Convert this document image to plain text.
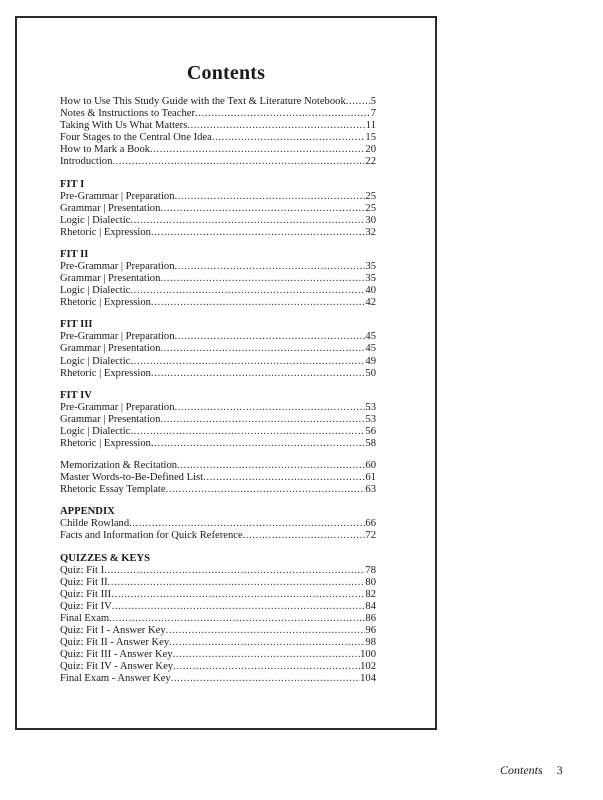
Contents
How to Use This Study Guide with the Text & Literature Notebook ..... 5
Notes & Instructions to Teacher .....	7
Taking With Us What Matters .....	11
Four Stages to the Central One Idea .....	15
How to Mark a Book .....	20
Introduction .....	22
FIT I
Pre-Grammar | Preparation .....	25
Grammar | Presentation .....	25
Logic | Dialectic .....	30
Rhetoric | Expression .....	32
FIT II
Pre-Grammar | Preparation .....	35
Grammar | Presentation .....	35
Logic | Dialectic .....	40
Rhetoric | Expression .....	42
FIT III
Pre-Grammar | Preparation .....	45
Grammar | Presentation .....	45
Logic | Dialectic .....	49
Rhetoric | Expression .....	50
FIT IV
Pre-Grammar | Preparation .....	53
Grammar | Presentation .....	53
Logic | Dialectic .....	56
Rhetoric | Expression .....	58
Memorization & Recitation .....	60
Master Words-to-Be-Defined List .....	61
Rhetoric Essay Template .....	63
APPENDIX
Childe Rowland .....	66
Facts and Information for Quick Reference .....	72
QUIZZES & KEYS
Quiz: Fit I .....	78
Quiz: Fit II .....	80
Quiz: Fit III .....	82
Quiz: Fit IV .....	84
Final Exam .....	86
Quiz: Fit I - Answer Key .....	96
Quiz: Fit II - Answer Key .....	98
Quiz: Fit III - Answer Key .....	100
Quiz: Fit IV - Answer Key .....	102
Final Exam - Answer Key .....	104
Contents 3
